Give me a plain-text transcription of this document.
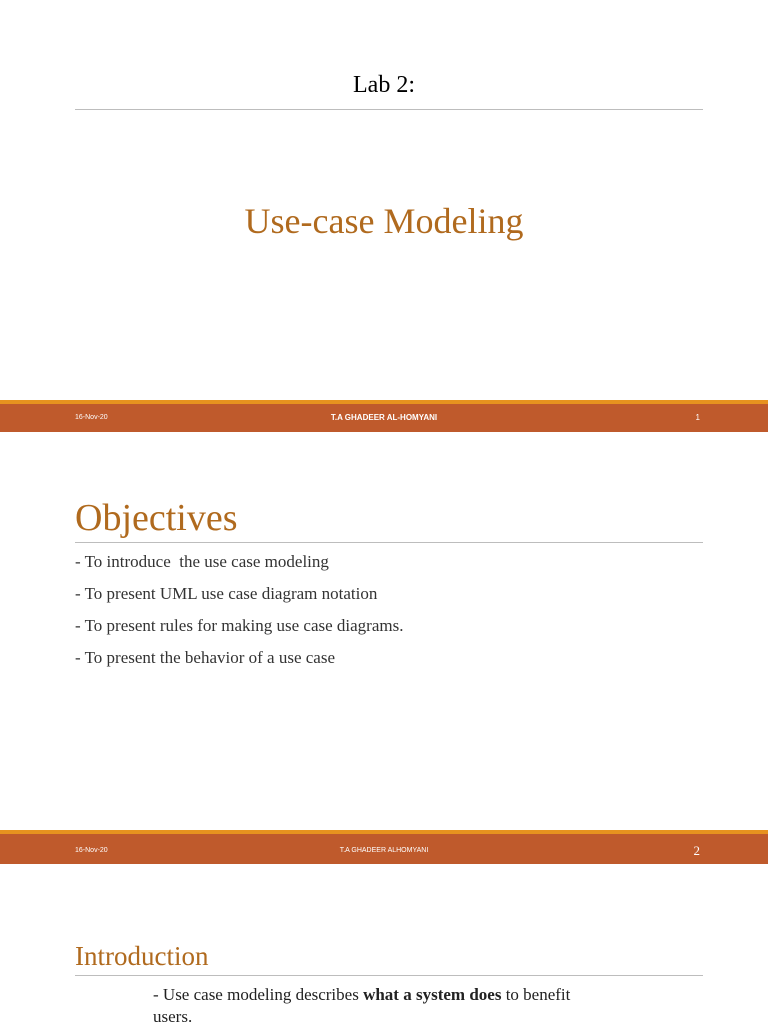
Lab 2:
Use-case Modeling
16-Nov-20	T.A GHADEER AL-HOMYANI	1
Objectives
- To introduce  the use case modeling
- To present UML use case diagram notation
- To present rules for making use case diagrams.
- To present the behavior of a use case
16-Nov-20	T.A GHADEER ALHOMYANI	2
Introduction
- Use case modeling describes what a system does to benefit users.
